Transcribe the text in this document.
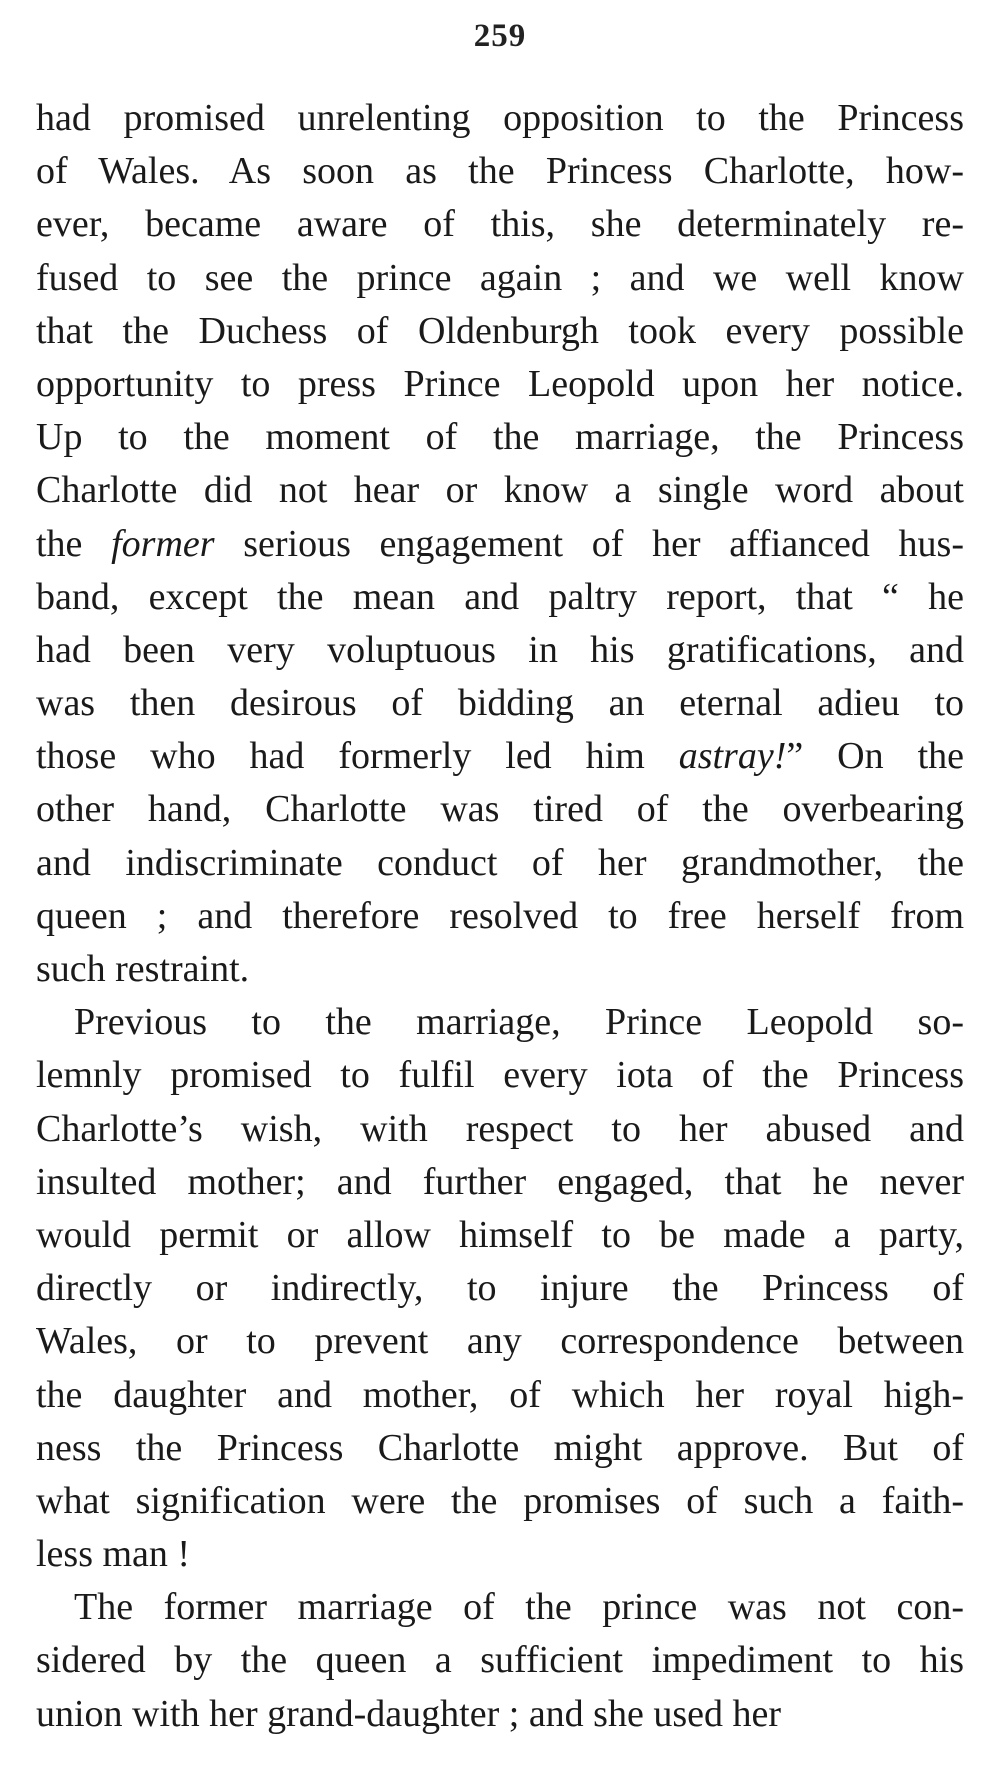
259
had promised unrelenting opposition to the Princess
of Wales. As soon as the Princess Charlotte, how-
ever, became aware of this, she determinately re-
fused to see the prince again ; and we well know
that the Duchess of Oldenburgh took every possible
opportunity to press Prince Leopold upon her notice.
Up to the moment of the marriage, the Princess
Charlotte did not hear or know a single word about
the former serious engagement of her affianced hus-
band, except the mean and paltry report, that “ he
had been very voluptuous in his gratifications, and
was then desirous of bidding an eternal adieu to
those who had formerly led him astray!” On the
other hand, Charlotte was tired of the overbearing
and indiscriminate conduct of her grandmother, the
queen ; and therefore resolved to free herself from
such restraint.
Previous to the marriage, Prince Leopold so-
lemnly promised to fulfil every iota of the Princess
Charlotte’s wish, with respect to her abused and
insulted mother; and further engaged, that he never
would permit or allow himself to be made a party,
directly or indirectly, to injure the Princess of
Wales, or to prevent any correspondence between
the daughter and mother, of which her royal high-
ness the Princess Charlotte might approve. But of
what signification were the promises of such a faith-
less man !
The former marriage of the prince was not con-
sidered by the queen a sufficient impediment to his
union with her grand-daughter ; and she used her
